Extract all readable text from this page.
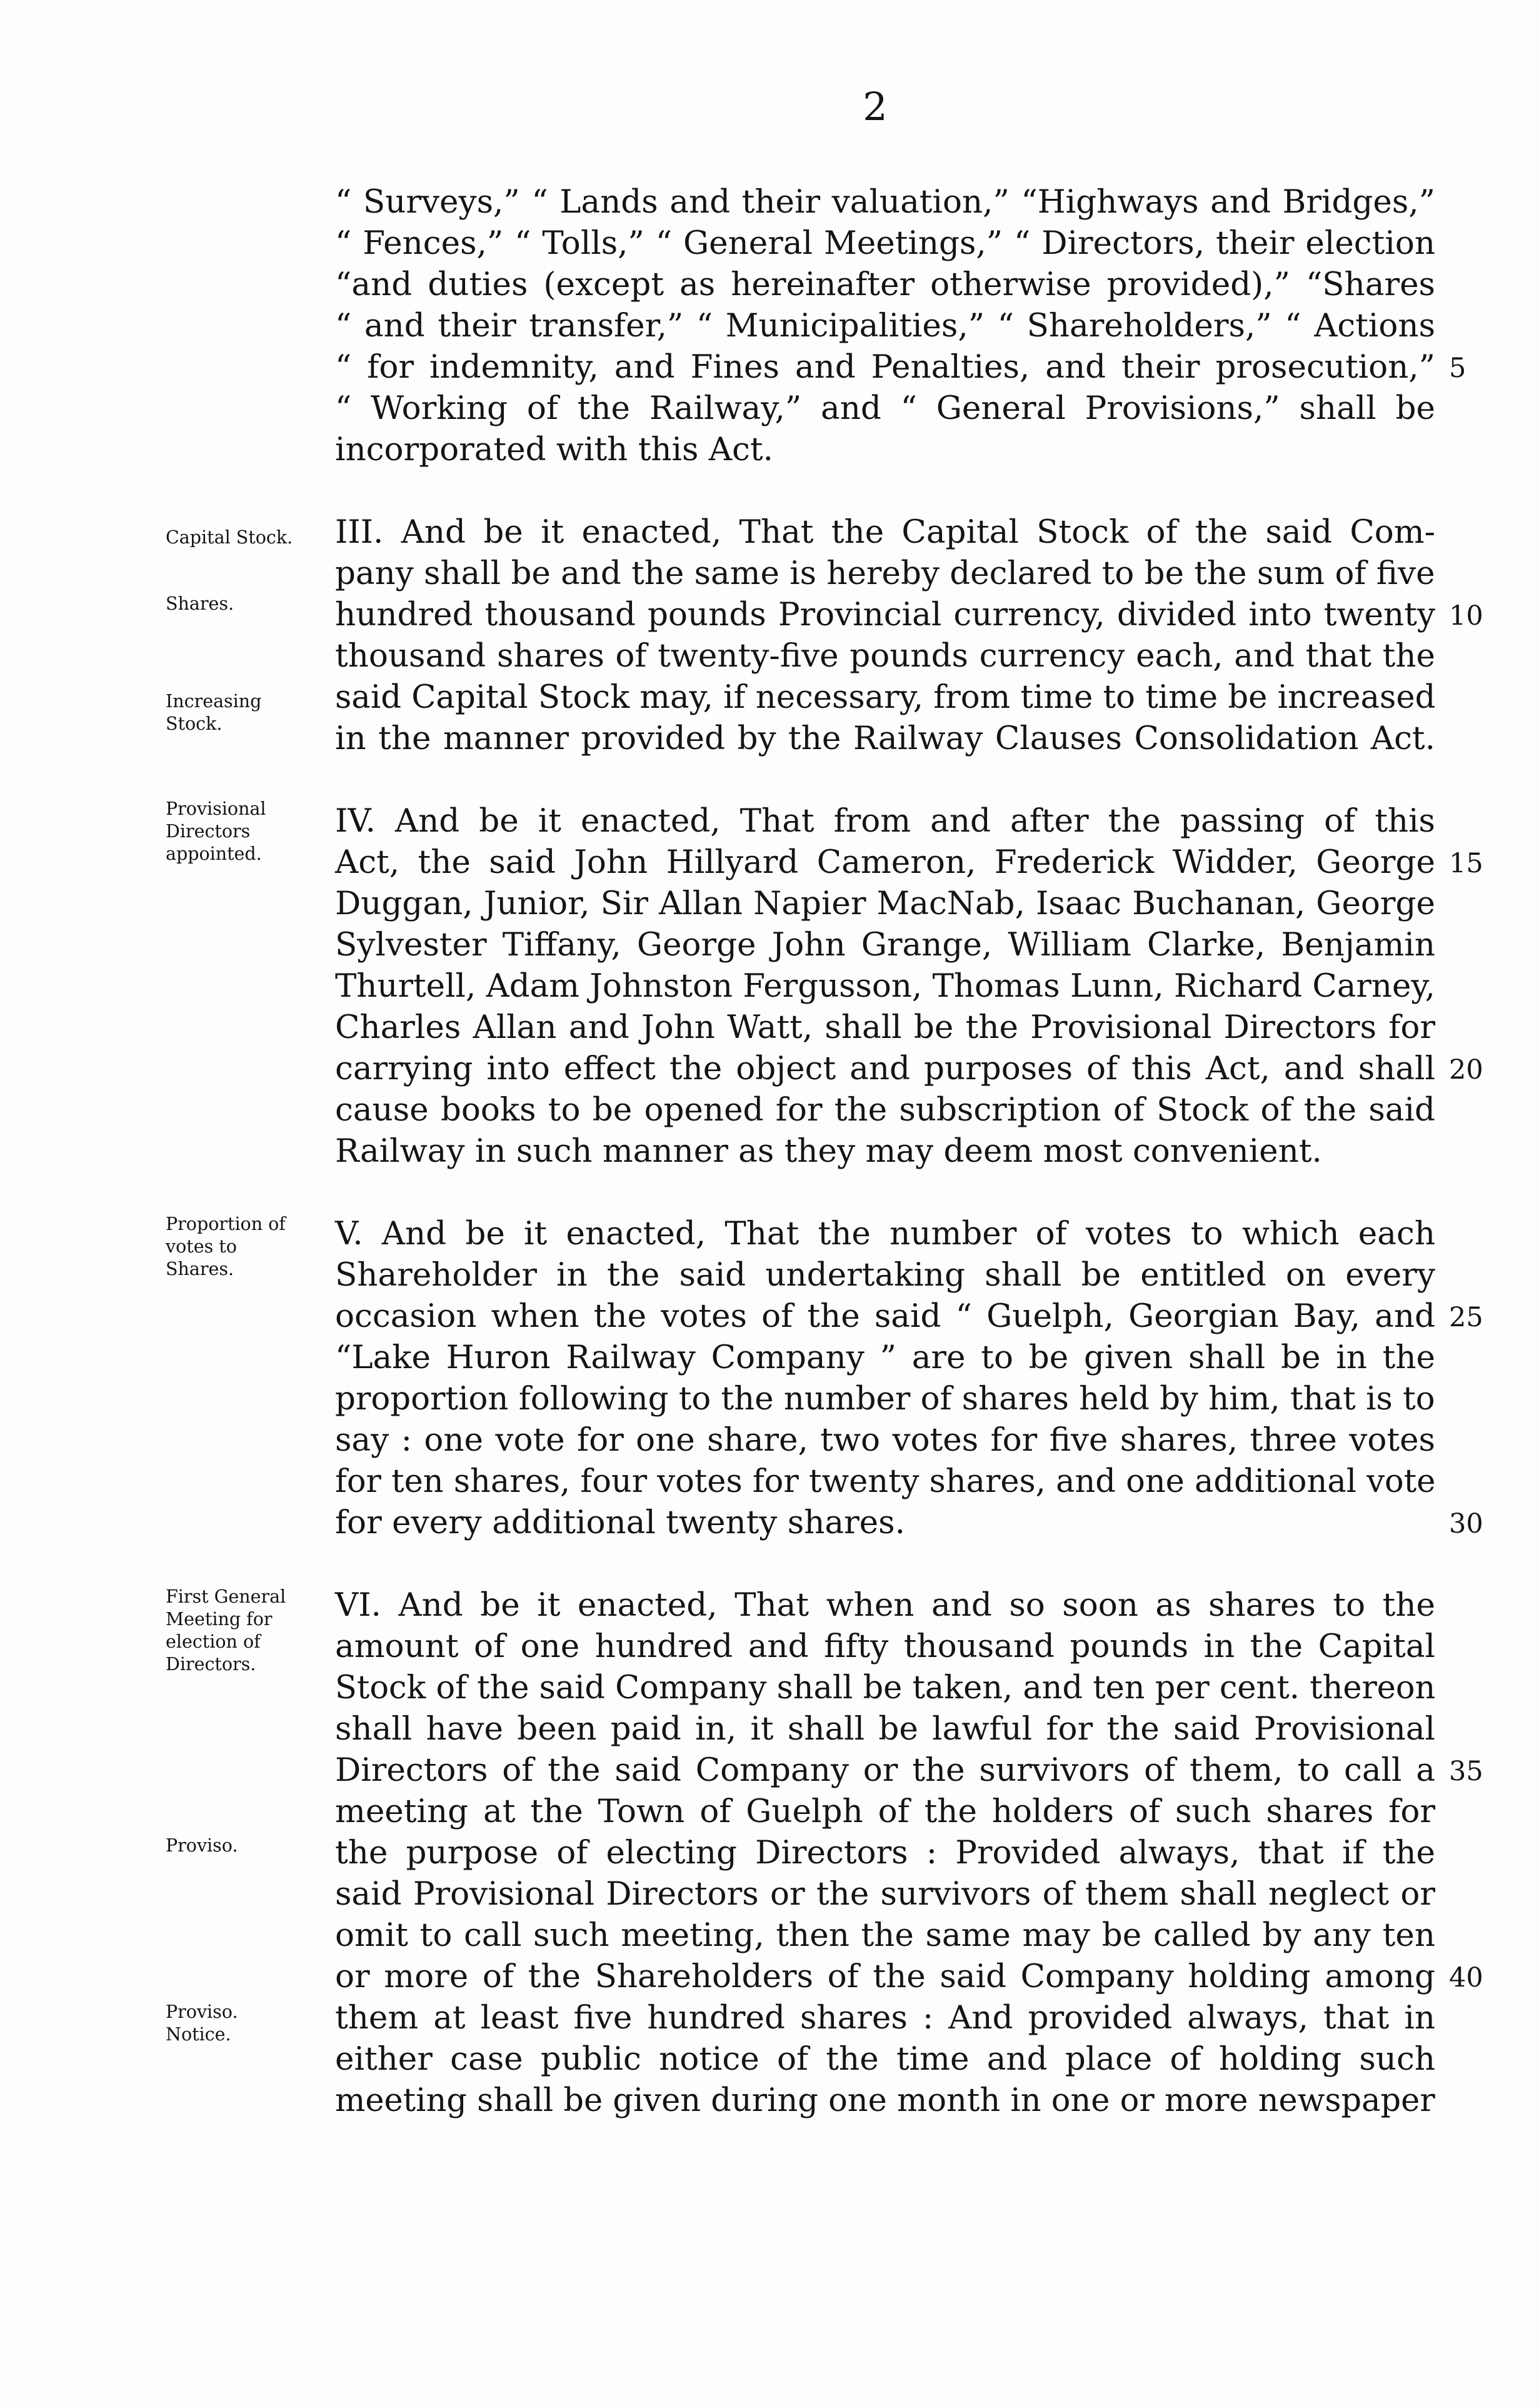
2
“ Surveys,” “ Lands and their valuation,” “Highways and Bridges,”
“ Fences,” “ Tolls,” “ General Meetings,” “ Directors, their election
“and duties (except as hereinafter otherwise provided),” “Shares
“ and their transfer,” “ Municipalities,” “ Shareholders,” “ Actions
“ for indemnity, and Fines and Penalties, and their prosecution,”
“ Working of the Railway,” and “ General Provisions,” shall be
incorporated with this Act.
III. And be it enacted, That the Capital Stock of the said Com-
pany shall be and the same is hereby declared to be the sum of five
hundred thousand pounds Provincial currency, divided into twenty
thousand shares of twenty-five pounds currency each, and that the
said Capital Stock may, if necessary, from time to time be increased
in the manner provided by the Railway Clauses Consolidation Act.
IV. And be it enacted, That from and after the passing of this
Act, the said John Hillyard Cameron, Frederick Widder, George
Duggan, Junior, Sir Allan Napier MacNab, Isaac Buchanan, George
Sylvester Tiffany, George John Grange, William Clarke, Benjamin
Thurtell, Adam Johnston Fergusson, Thomas Lunn, Richard Carney,
Charles Allan and John Watt, shall be the Provisional Directors for
carrying into effect the object and purposes of this Act, and shall
cause books to be opened for the subscription of Stock of the said
Railway in such manner as they may deem most convenient.
V. And be it enacted, That the number of votes to which each
Shareholder in the said undertaking shall be entitled on every
occasion when the votes of the said “ Guelph, Georgian Bay, and
“Lake Huron Railway Company ” are to be given shall be in the
proportion following to the number of shares held by him, that is to
say : one vote for one share, two votes for five shares, three votes
for ten shares, four votes for twenty shares, and one additional vote
for every additional twenty shares.
VI. And be it enacted, That when and so soon as shares to the
amount of one hundred and fifty thousand pounds in the Capital
Stock of the said Company shall be taken, and ten per cent. thereon
shall have been paid in, it shall be lawful for the said Provisional
Directors of the said Company or the survivors of them, to call a
meeting at the Town of Guelph of the holders of such shares for
the purpose of electing Directors : Provided always, that if the
said Provisional Directors or the survivors of them shall neglect or
omit to call such meeting, then the same may be called by any ten
or more of the Shareholders of the said Company holding among
them at least five hundred shares : And provided always, that in
either case public notice of the time and place of holding such
meeting shall be given during one month in one or more newspaper
Capital Stock.
Shares.
Increasing
Stock.
Provisional
Directors
appointed.
Proportion of
votes to
Shares.
First General
Meeting for
election of
Directors.
Proviso.
Proviso.
Notice.
5
10
15
20
25
30
35
40
